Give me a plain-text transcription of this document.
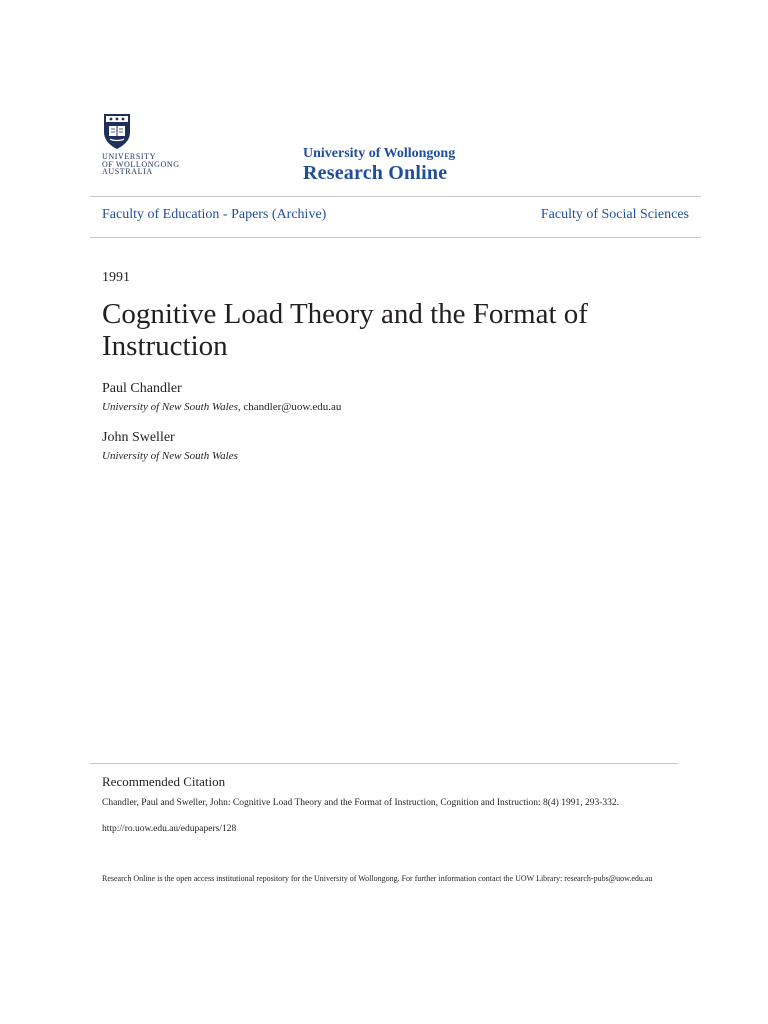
UNIVERSITY
OF WOLLONGONG
AUSTRALIA
University of Wollongong
Research Online
Faculty of Education - Papers (Archive)	Faculty of Social Sciences
1991
Cognitive Load Theory and the Format of Instruction
Paul Chandler
University of New South Wales, chandler@uow.edu.au
John Sweller
University of New South Wales
Recommended Citation
Chandler, Paul and Sweller, John: Cognitive Load Theory and the Format of Instruction, Cognition and Instruction: 8(4) 1991, 293-332.
http://ro.uow.edu.au/edupapers/128
Research Online is the open access institutional repository for the University of Wollongong. For further information contact the UOW Library: research-pubs@uow.edu.au
